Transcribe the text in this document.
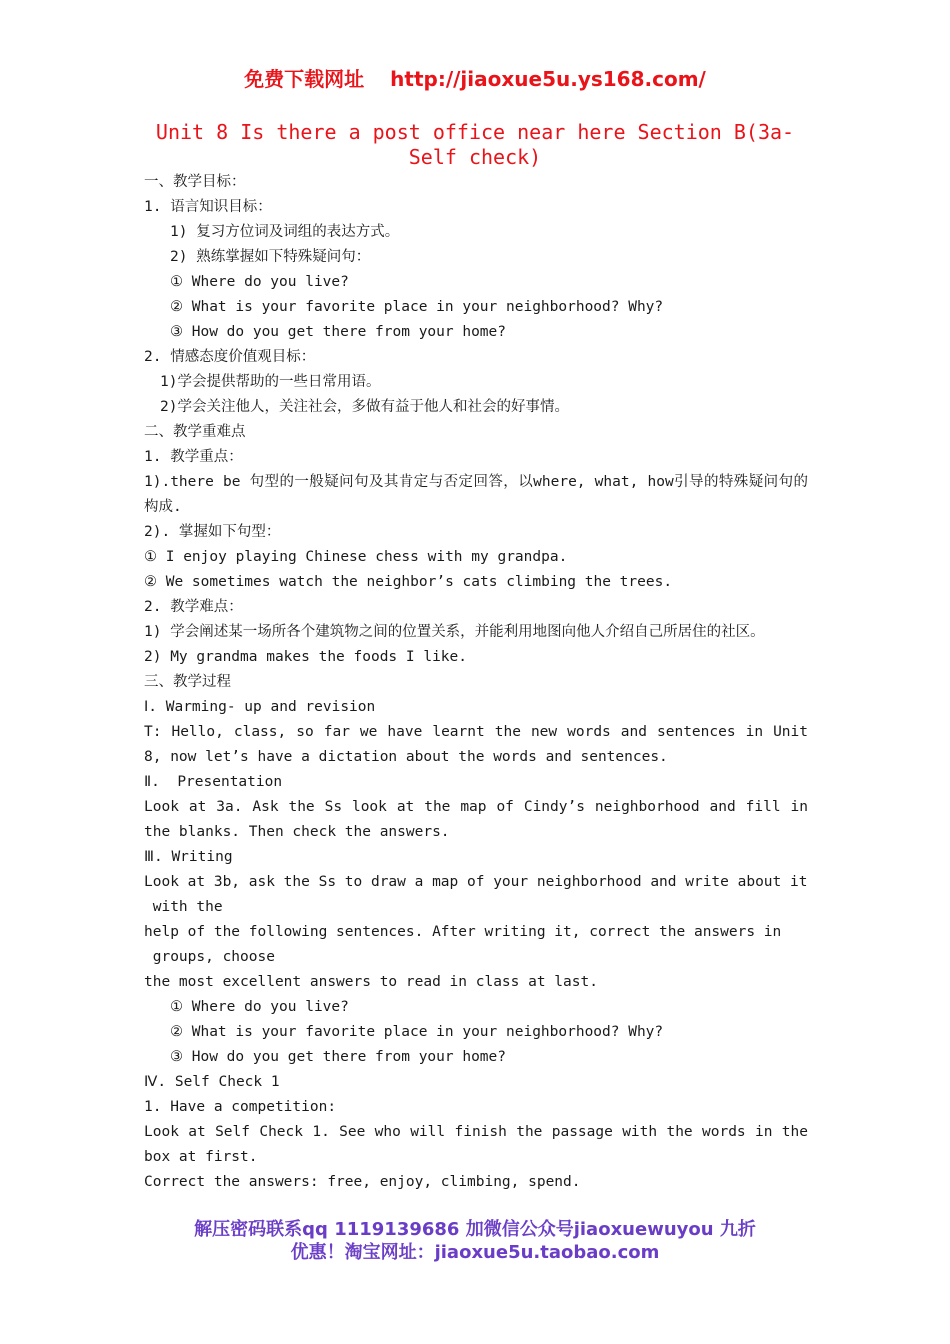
免费下载网址 http://jiaoxue5u.ys168.com/
Unit 8 Is there a post office near here Section B(3a-Self check)
一、教学目标：
1. 语言知识目标：
1) 复习方位词及词组的表达方式。
2) 熟练掌握如下特殊疑问句：
① Where do you live?
② What is your favorite place in your neighborhood? Why?
③ How do you get there from your home?
2. 情感态度价值观目标：
1)学会提供帮助的一些日常用语。
2)学会关注他人，关注社会，多做有益于他人和社会的好事情。
二、教学重难点
1. 教学重点：
1).there be 句型的一般疑问句及其肯定与否定回答，以where, what, how引导的特殊疑问句的构成.
2). 掌握如下句型：
① I enjoy playing Chinese chess with my grandpa.
② We sometimes watch the neighbor’s cats climbing the trees.
2. 教学难点：
1) 学会阐述某一场所各个建筑物之间的位置关系，并能利用地图向他人介绍自己所居住的社区。
2) My grandma makes the foods I like.
三、教学过程
Ⅰ. Warming- up and revision
T: Hello, class, so far we have learnt the new words and sentences in Unit 8, now let’s have a dictation about the words and sentences.
Ⅱ.  Presentation
Look at 3a. Ask the Ss look at the map of Cindy’s neighborhood and fill in the blanks. Then check the answers.
Ⅲ. Writing
Look at 3b, ask the Ss to draw a map of your neighborhood and write about it
with the
help of the following sentences. After writing it, correct the answers in
groups, choose
the most excellent answers to read in class at last.
① Where do you live?
② What is your favorite place in your neighborhood? Why?
③ How do you get there from your home?
Ⅳ. Self Check 1
1. Have a competition:
Look at Self Check 1. See who will finish the passage with the words in the box at first.
Correct the answers: free, enjoy, climbing, spend.
解压密码联系qq 1119139686 加微信公众号jiaoxuewuyou 九折
优惠！淘宝网址：jiaoxue5u.taobao.com
